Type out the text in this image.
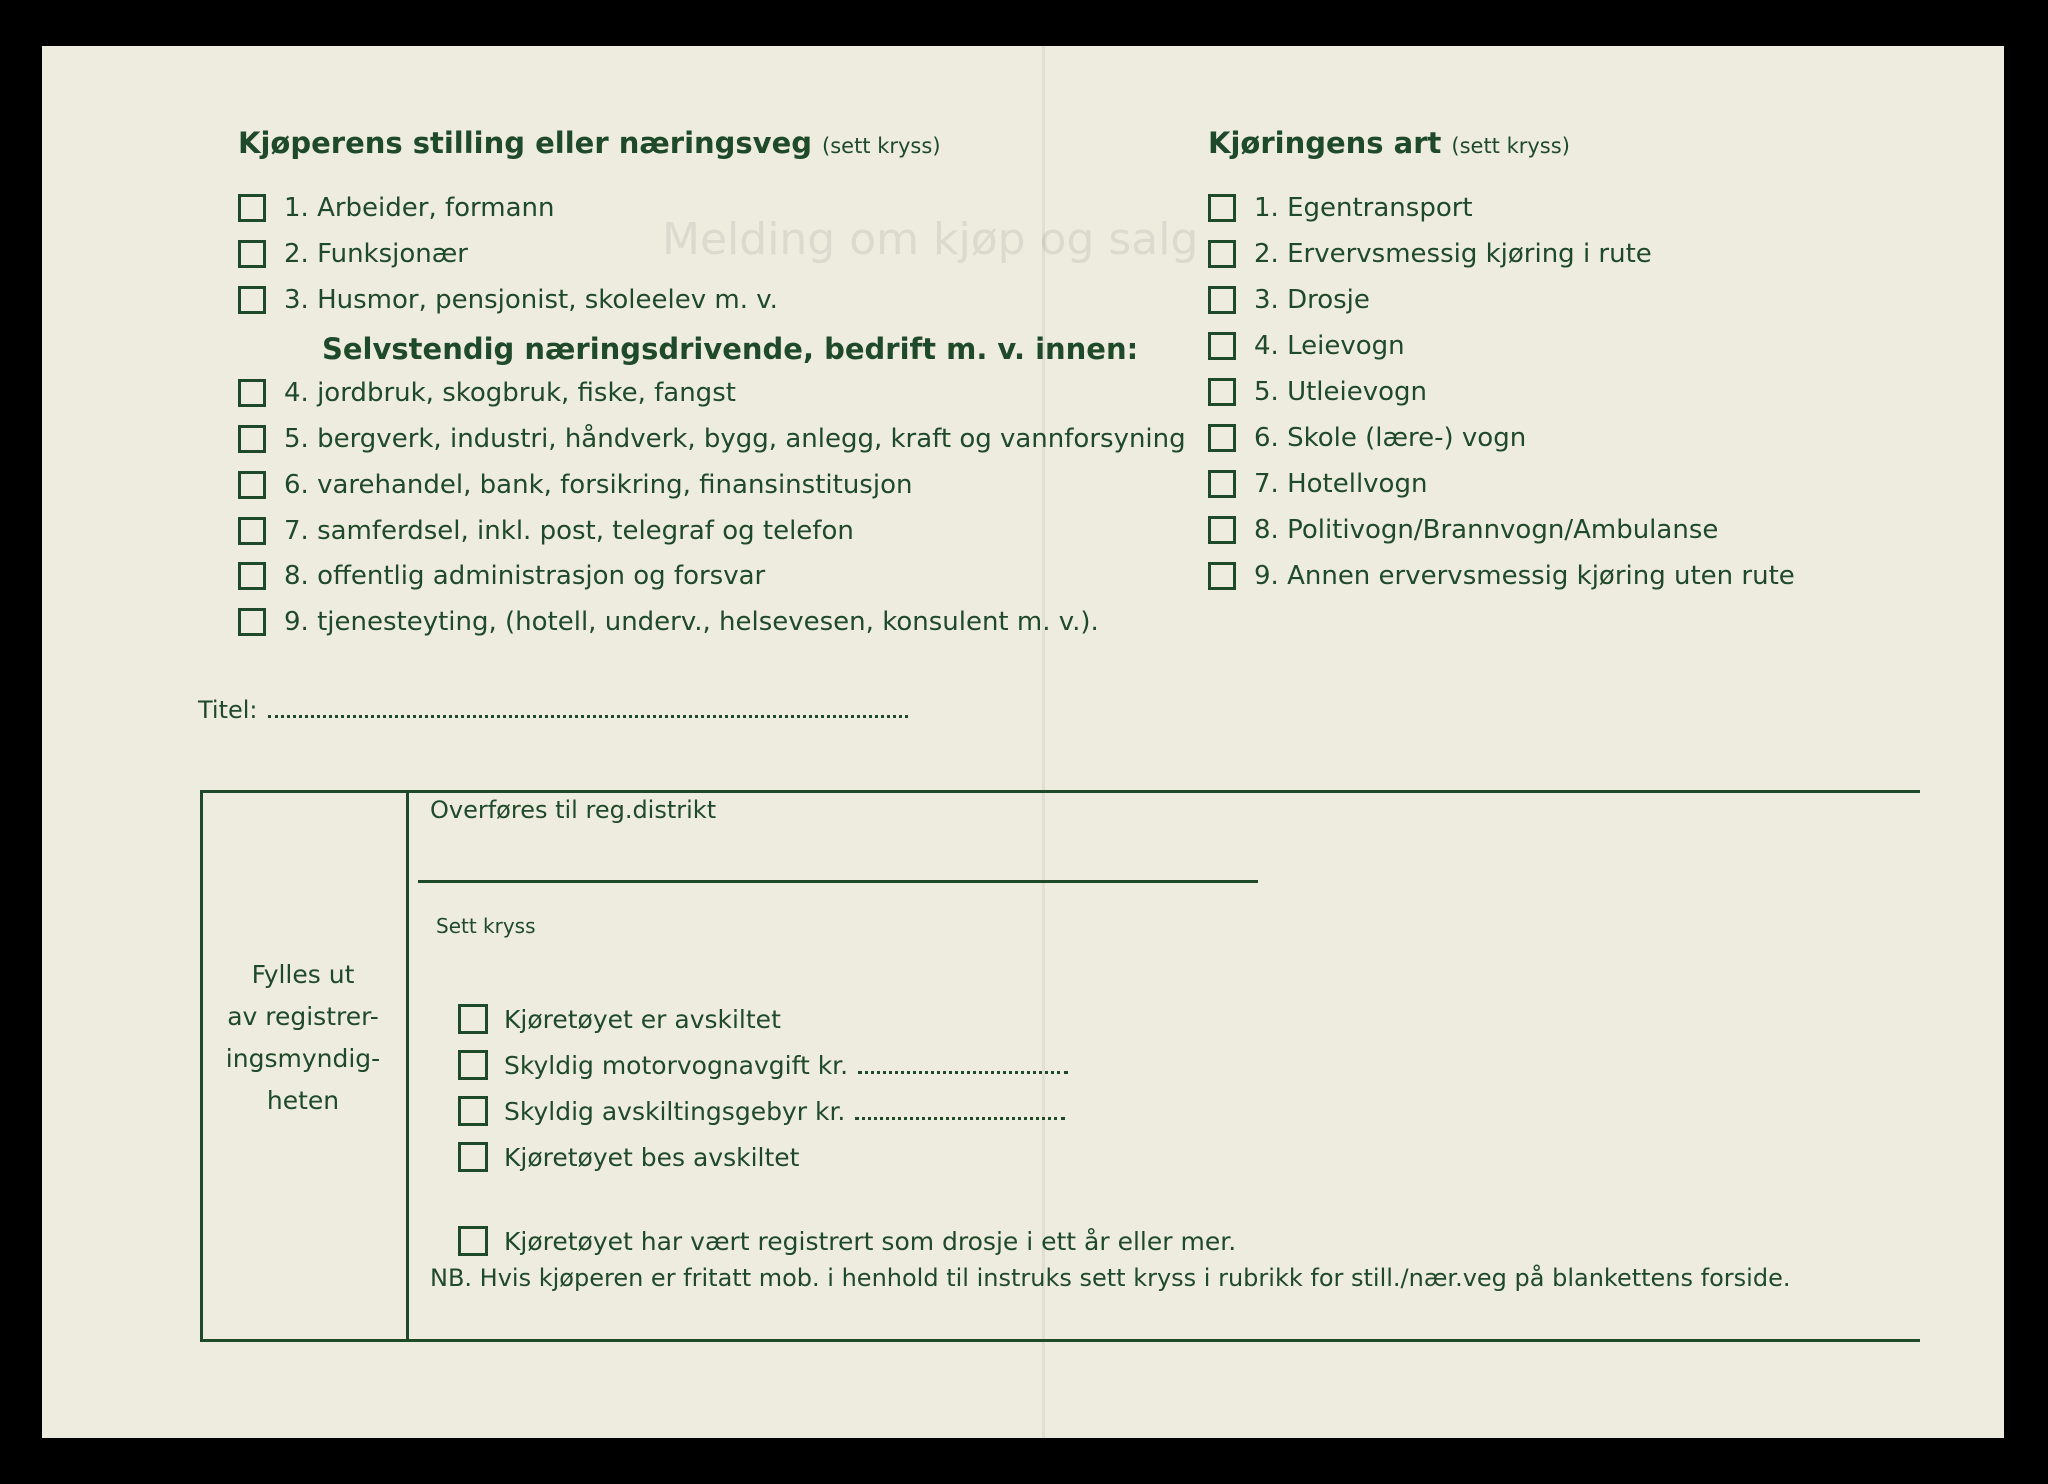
Melding om kjøp og salg
Kjøperens stilling eller næringsveg (sett kryss)
1. Arbeider, formann
2. Funksjonær
3. Husmor, pensjonist, skoleelev m. v.
Selvstendig næringsdrivende, bedrift m. v. innen:
4. jordbruk, skogbruk, fiske, fangst
5. bergverk, industri, håndverk, bygg, anlegg, kraft og vannforsyning
6. varehandel, bank, forsikring, finansinstitusjon
7. samferdsel, inkl. post, telegraf og telefon
8. offentlig administrasjon og forsvar
9. tjenesteyting, (hotell, underv., helsevesen, konsulent m. v.).
Kjøringens art (sett kryss)
1. Egentransport
2. Ervervsmessig kjøring i rute
3. Drosje
4. Leievogn
5. Utleievogn
6. Skole (lære-) vogn
7. Hotellvogn
8. Politivogn/Brannvogn/Ambulanse
9. Annen ervervsmessig kjøring uten rute
Titel:
Fylles ut
av registrer-
ingsmyndig-
heten
Overføres til reg.distrikt
Sett kryss
Kjøretøyet er avskiltet
Skyldig motorvognavgift kr.
Skyldig avskiltingsgebyr kr.
Kjøretøyet bes avskiltet
Kjøretøyet har vært registrert som drosje i ett år eller mer.
NB. Hvis kjøperen er fritatt mob. i henhold til instruks sett kryss i rubrikk for still./nær.veg på blankettens forside.
